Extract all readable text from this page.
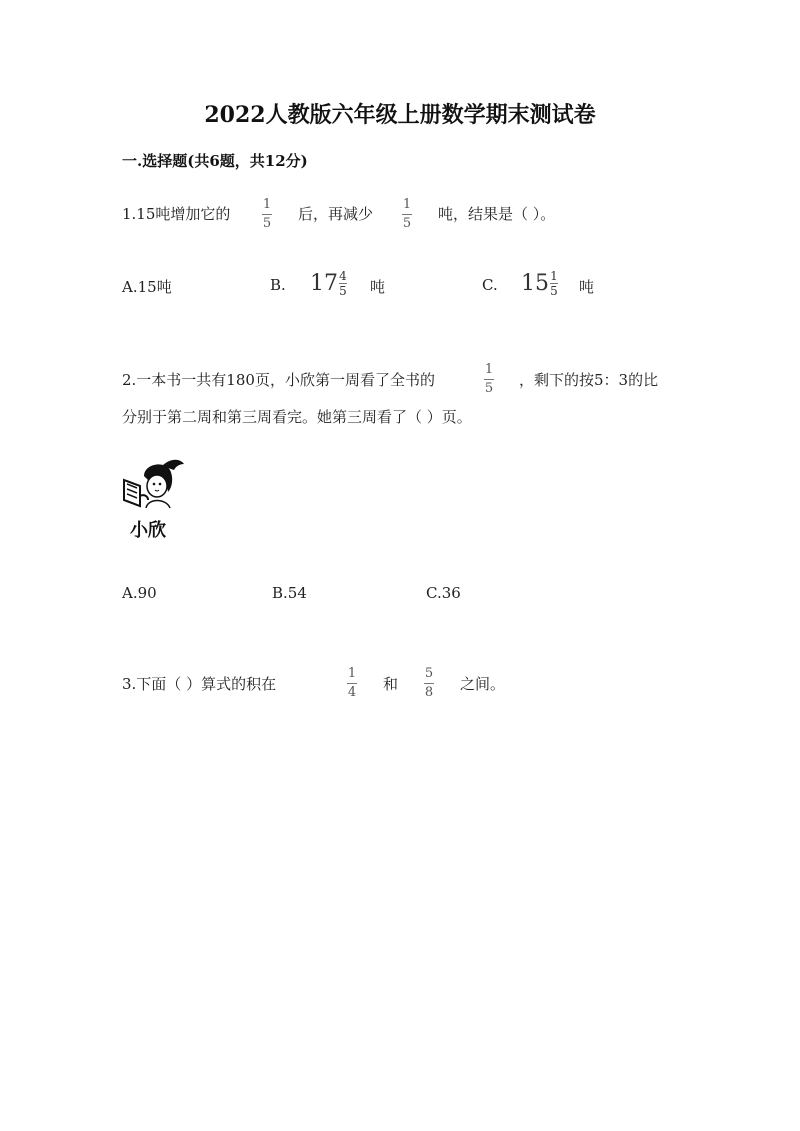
2022人教版六年级上册数学期末测试卷
一.选择题(共6题，共12分)
1.15吨增加它的
1
5
后，再减少
1
5
吨，结果是（ ）。
A.15吨	B. $17 \frac{4}{5}$ 吨	C. $15 \frac{1}{5}$ 吨
2.一本书一共有180页，小欣第一周看了全书的
1
5 ，剩下的按5：3的比
分别于第二周和第三周看完。她第三周看了（ ）页。
小欣
A.90	B.54	C.36
3.下面（ ）算式的积在
1
4 和
5
8 之间。
